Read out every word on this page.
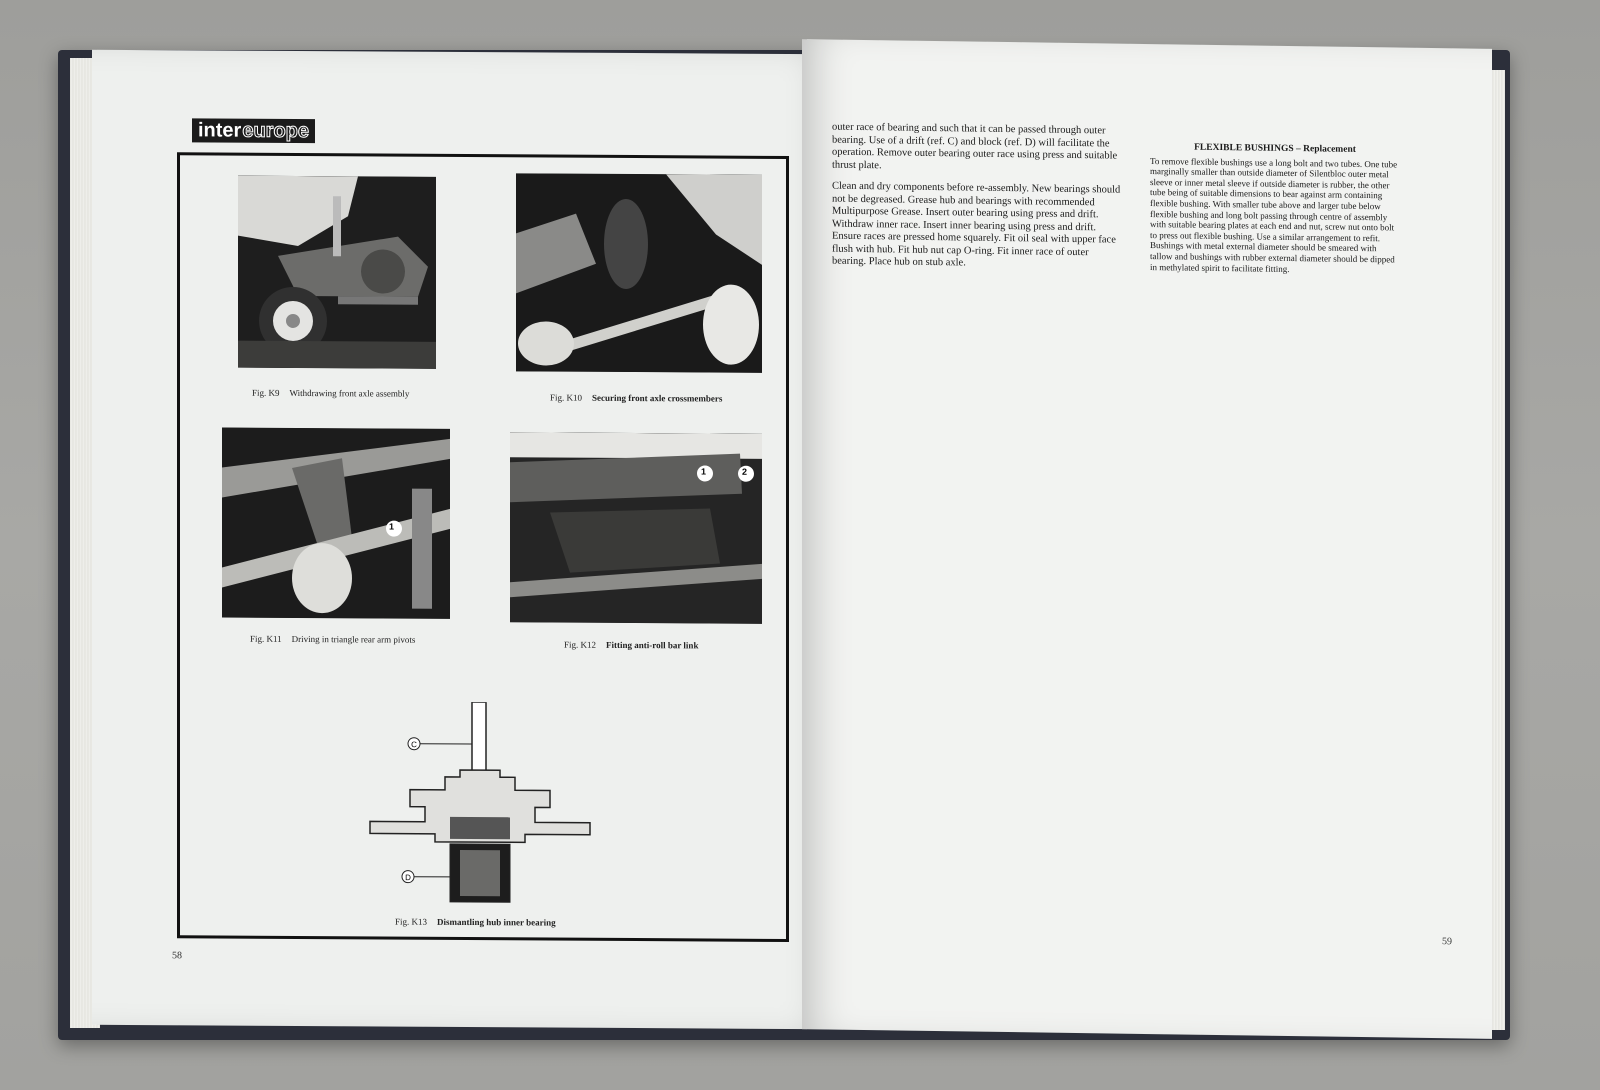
inter europe
1
1	2
Fig. K9 Withdrawing front axle assembly	Fig. K10 Securing front axle crossmembers
Fig. K11 Driving in triangle rear arm pivots
Fig. K12 Fitting anti-roll bar link
C
D
Fig. K13 Dismantling hub inner bearing
58

outer race of bearing and such that it can be passed through outer bearing. Use of a drift (ref. C) and block (ref. D) will facilitate the operation. Remove outer bearing outer race using press and suitable thrust plate.

Clean and dry components before re-assembly. New bearings should not be degreased. Grease hub and bearings with recommended Multipurpose Grease. Insert outer bearing using press and drift. Withdraw inner race. Insert inner bearing using press and drift. Ensure races are pressed home squarely. Fit oil seal with upper face flush with hub. Fit hub nut cap O-ring. Fit inner race of outer bearing. Place hub on stub axle.

FLEXIBLE BUSHINGS – Replacement

To remove flexible bushings use a long bolt and two tubes. One tube marginally smaller than outside diameter of Silentbloc outer metal sleeve or inner metal sleeve if outside diameter is rubber, the other tube being of suitable dimensions to bear against arm containing flexible bushing. With smaller tube above and larger tube below flexible bushing and long bolt passing through centre of assembly with suitable bearing plates at each end and nut, screw nut onto bolt to press out flexible bushing. Use a similar arrangement to refit. Bushings with metal external diameter should be smeared with tallow and bushings with rubber external diameter should be dipped in methylated spirit to facilitate fitting.

59
